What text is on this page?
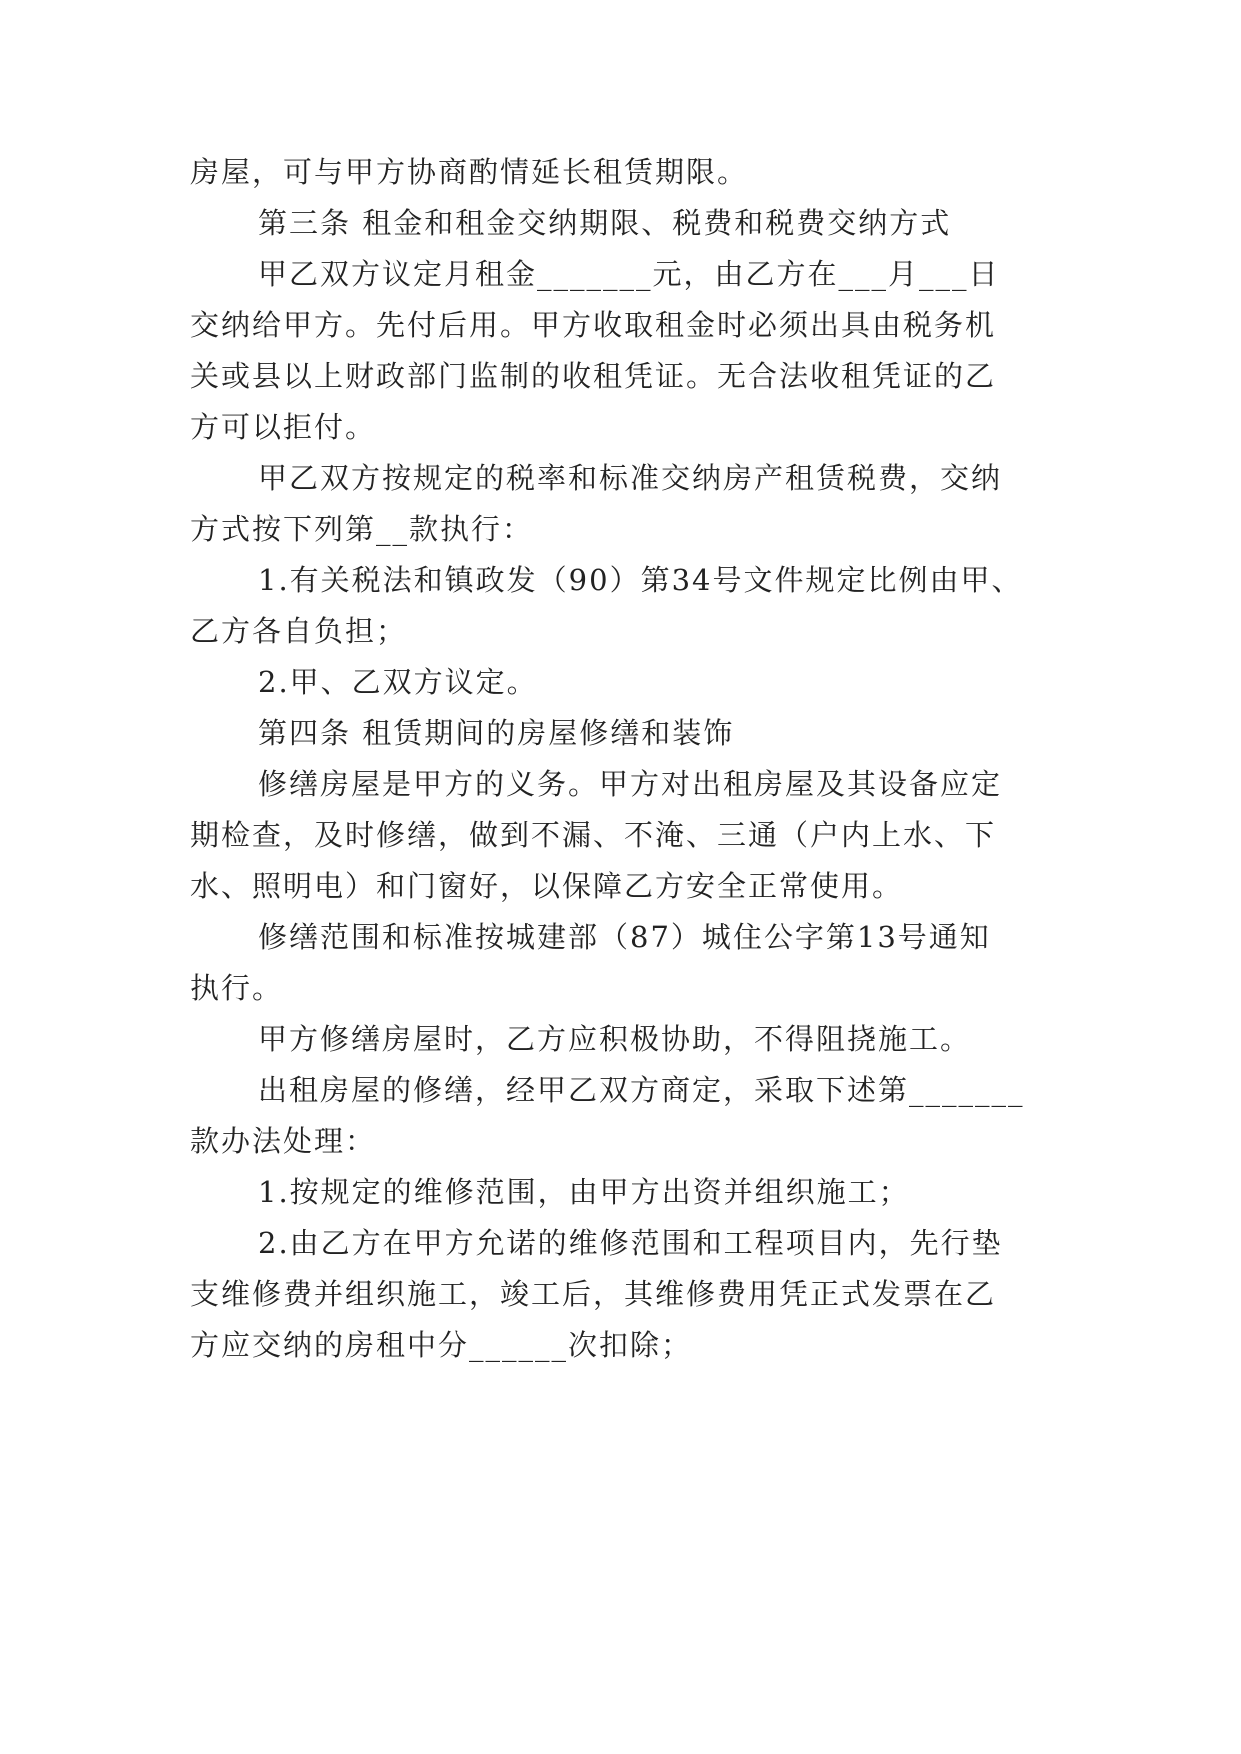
房屋，可与甲方协商酌情延长租赁期限。
第三条 租金和租金交纳期限、税费和税费交纳方式
甲乙双方议定月租金_______元，由乙方在___月___日
交纳给甲方。先付后用。甲方收取租金时必须出具由税务机
关或县以上财政部门监制的收租凭证。无合法收租凭证的乙
方可以拒付。
甲乙双方按规定的税率和标准交纳房产租赁税费，交纳
方式按下列第__款执行：
1.有关税法和镇政发（90）第34号文件规定比例由甲、
乙方各自负担；
2.甲、乙双方议定。
第四条 租赁期间的房屋修缮和装饰
修缮房屋是甲方的义务。甲方对出租房屋及其设备应定
期检查，及时修缮，做到不漏、不淹、三通（户内上水、下
水、照明电）和门窗好，以保障乙方安全正常使用。
修缮范围和标准按城建部（87）城住公字第13号通知
执行。
甲方修缮房屋时，乙方应积极协助，不得阻挠施工。
出租房屋的修缮，经甲乙双方商定，采取下述第_______
款办法处理：
1.按规定的维修范围，由甲方出资并组织施工；
2.由乙方在甲方允诺的维修范围和工程项目内，先行垫
支维修费并组织施工，竣工后，其维修费用凭正式发票在乙
方应交纳的房租中分______次扣除；
